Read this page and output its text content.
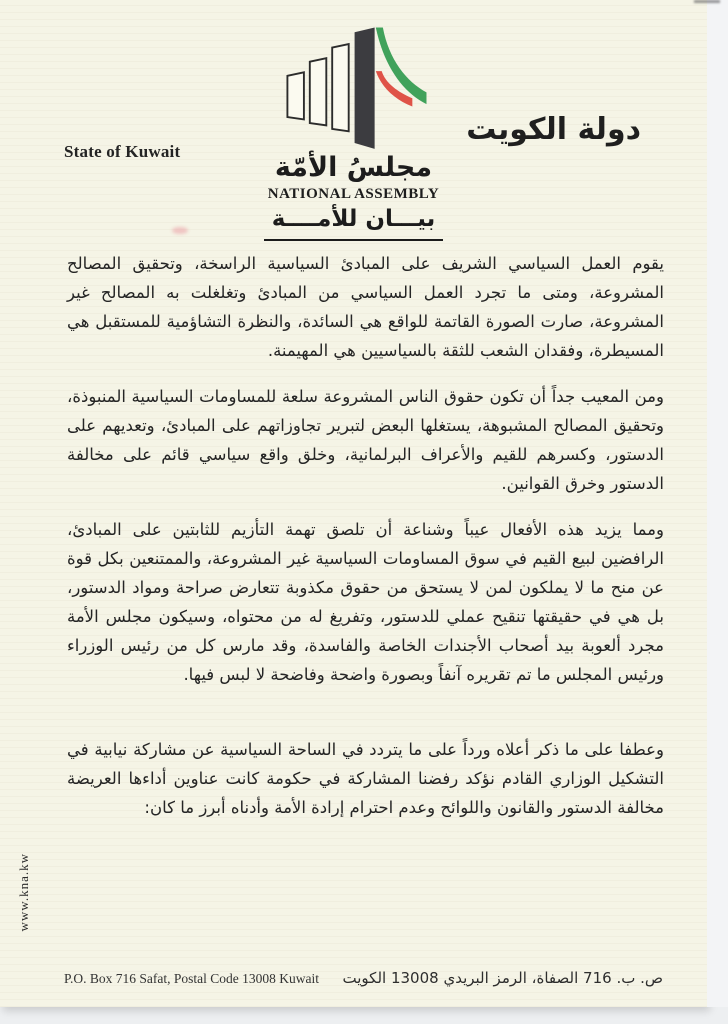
مجلسُ الأمّة
NATIONAL ASSEMBLY
State of Kuwait
دولة الكويت
بيـــان للأمــــة

يقوم العمل السياسي الشريف على المبادئ السياسية الراسخة، وتحقيق المصالح المشروعة، ومتى ما تجرد العمل السياسي من المبادئ وتغلغلت به المصالح غير المشروعة، صارت الصورة القاتمة للواقع هي السائدة، والنظرة التشاؤمية للمستقبل هي المسيطرة، وفقدان الشعب للثقة بالسياسيين هي المهيمنة.

ومن المعيب جداً أن تكون حقوق الناس المشروعة سلعة للمساومات السياسية المنبوذة، وتحقيق المصالح المشبوهة، يستغلها البعض لتبرير تجاوزاتهم على المبادئ، وتعديهم على الدستور، وكسرهم للقيم والأعراف البرلمانية، وخلق واقع سياسي قائم على مخالفة الدستور وخرق القوانين.

ومما يزيد هذه الأفعال عيباً وشناعة أن تلصق تهمة التأزيم للثابتين على المبادئ، الرافضين لبيع القيم في سوق المساومات السياسية غير المشروعة، والممتنعين بكل قوة عن منح ما لا يملكون لمن لا يستحق من حقوق مكذوبة تتعارض صراحة ومواد الدستور، بل هي في حقيقتها تنقيح عملي للدستور، وتفريغ له من محتواه، وسيكون مجلس الأمة مجرد ألعوبة بيد أصحاب الأجندات الخاصة والفاسدة، وقد مارس كل من رئيس الوزراء ورئيس المجلس ما تم تقريره آنفاً وبصورة واضحة وفاضحة لا لبس فيها.

وعطفا على ما ذكر أعلاه ورداً على ما يتردد في الساحة السياسية عن مشاركة نيابية في التشكيل الوزاري القادم نؤكد رفضنا المشاركة في حكومة كانت عناوين أداءها العريضة مخالفة الدستور والقانون واللوائح وعدم احترام إرادة الأمة وأدناه أبرز ما كان:

www.kna.kw
P.O. Box 716 Safat, Postal Code 13008 Kuwait ص. ب. 716 الصفاة، الرمز البريدي 13008 الكويت
